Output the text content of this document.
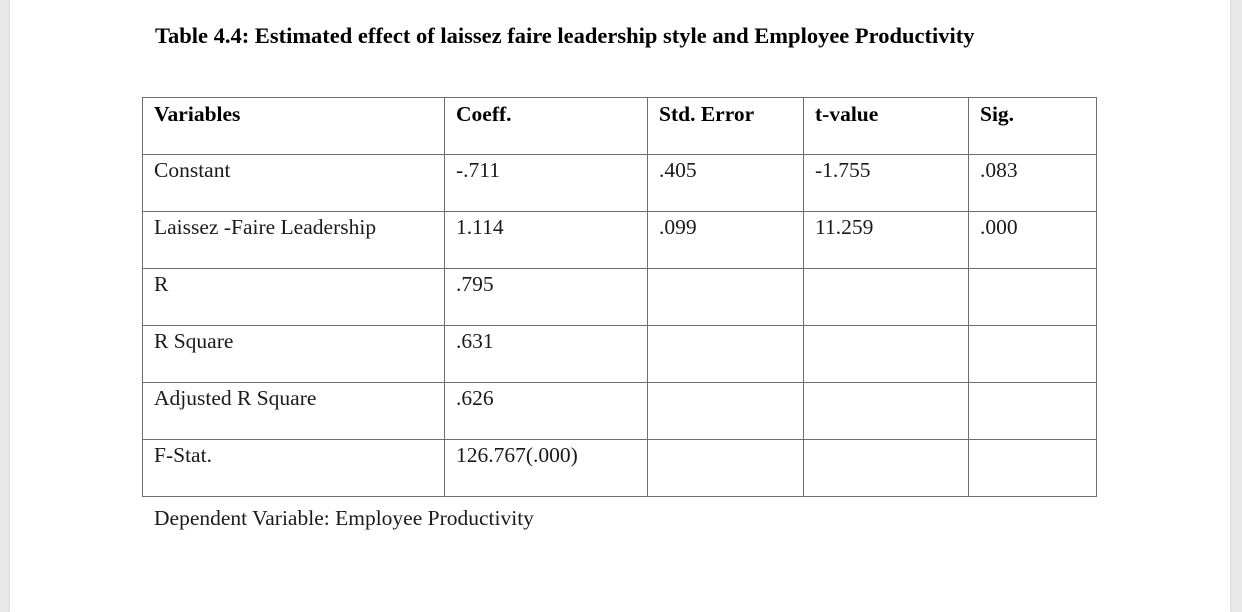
Table 4.4: Estimated effect of laissez faire leadership style and Employee Productivity
Variables	Coeff.	Std. Error	t-value	Sig.
Constant	-.711	.405	-1.755	.083
Laissez -Faire Leadership	1.114	.099	11.259	.000
R	.795			
R Square	.631			
Adjusted R Square	.626			
F-Stat.	126.767(.000)			
Dependent Variable: Employee Productivity
